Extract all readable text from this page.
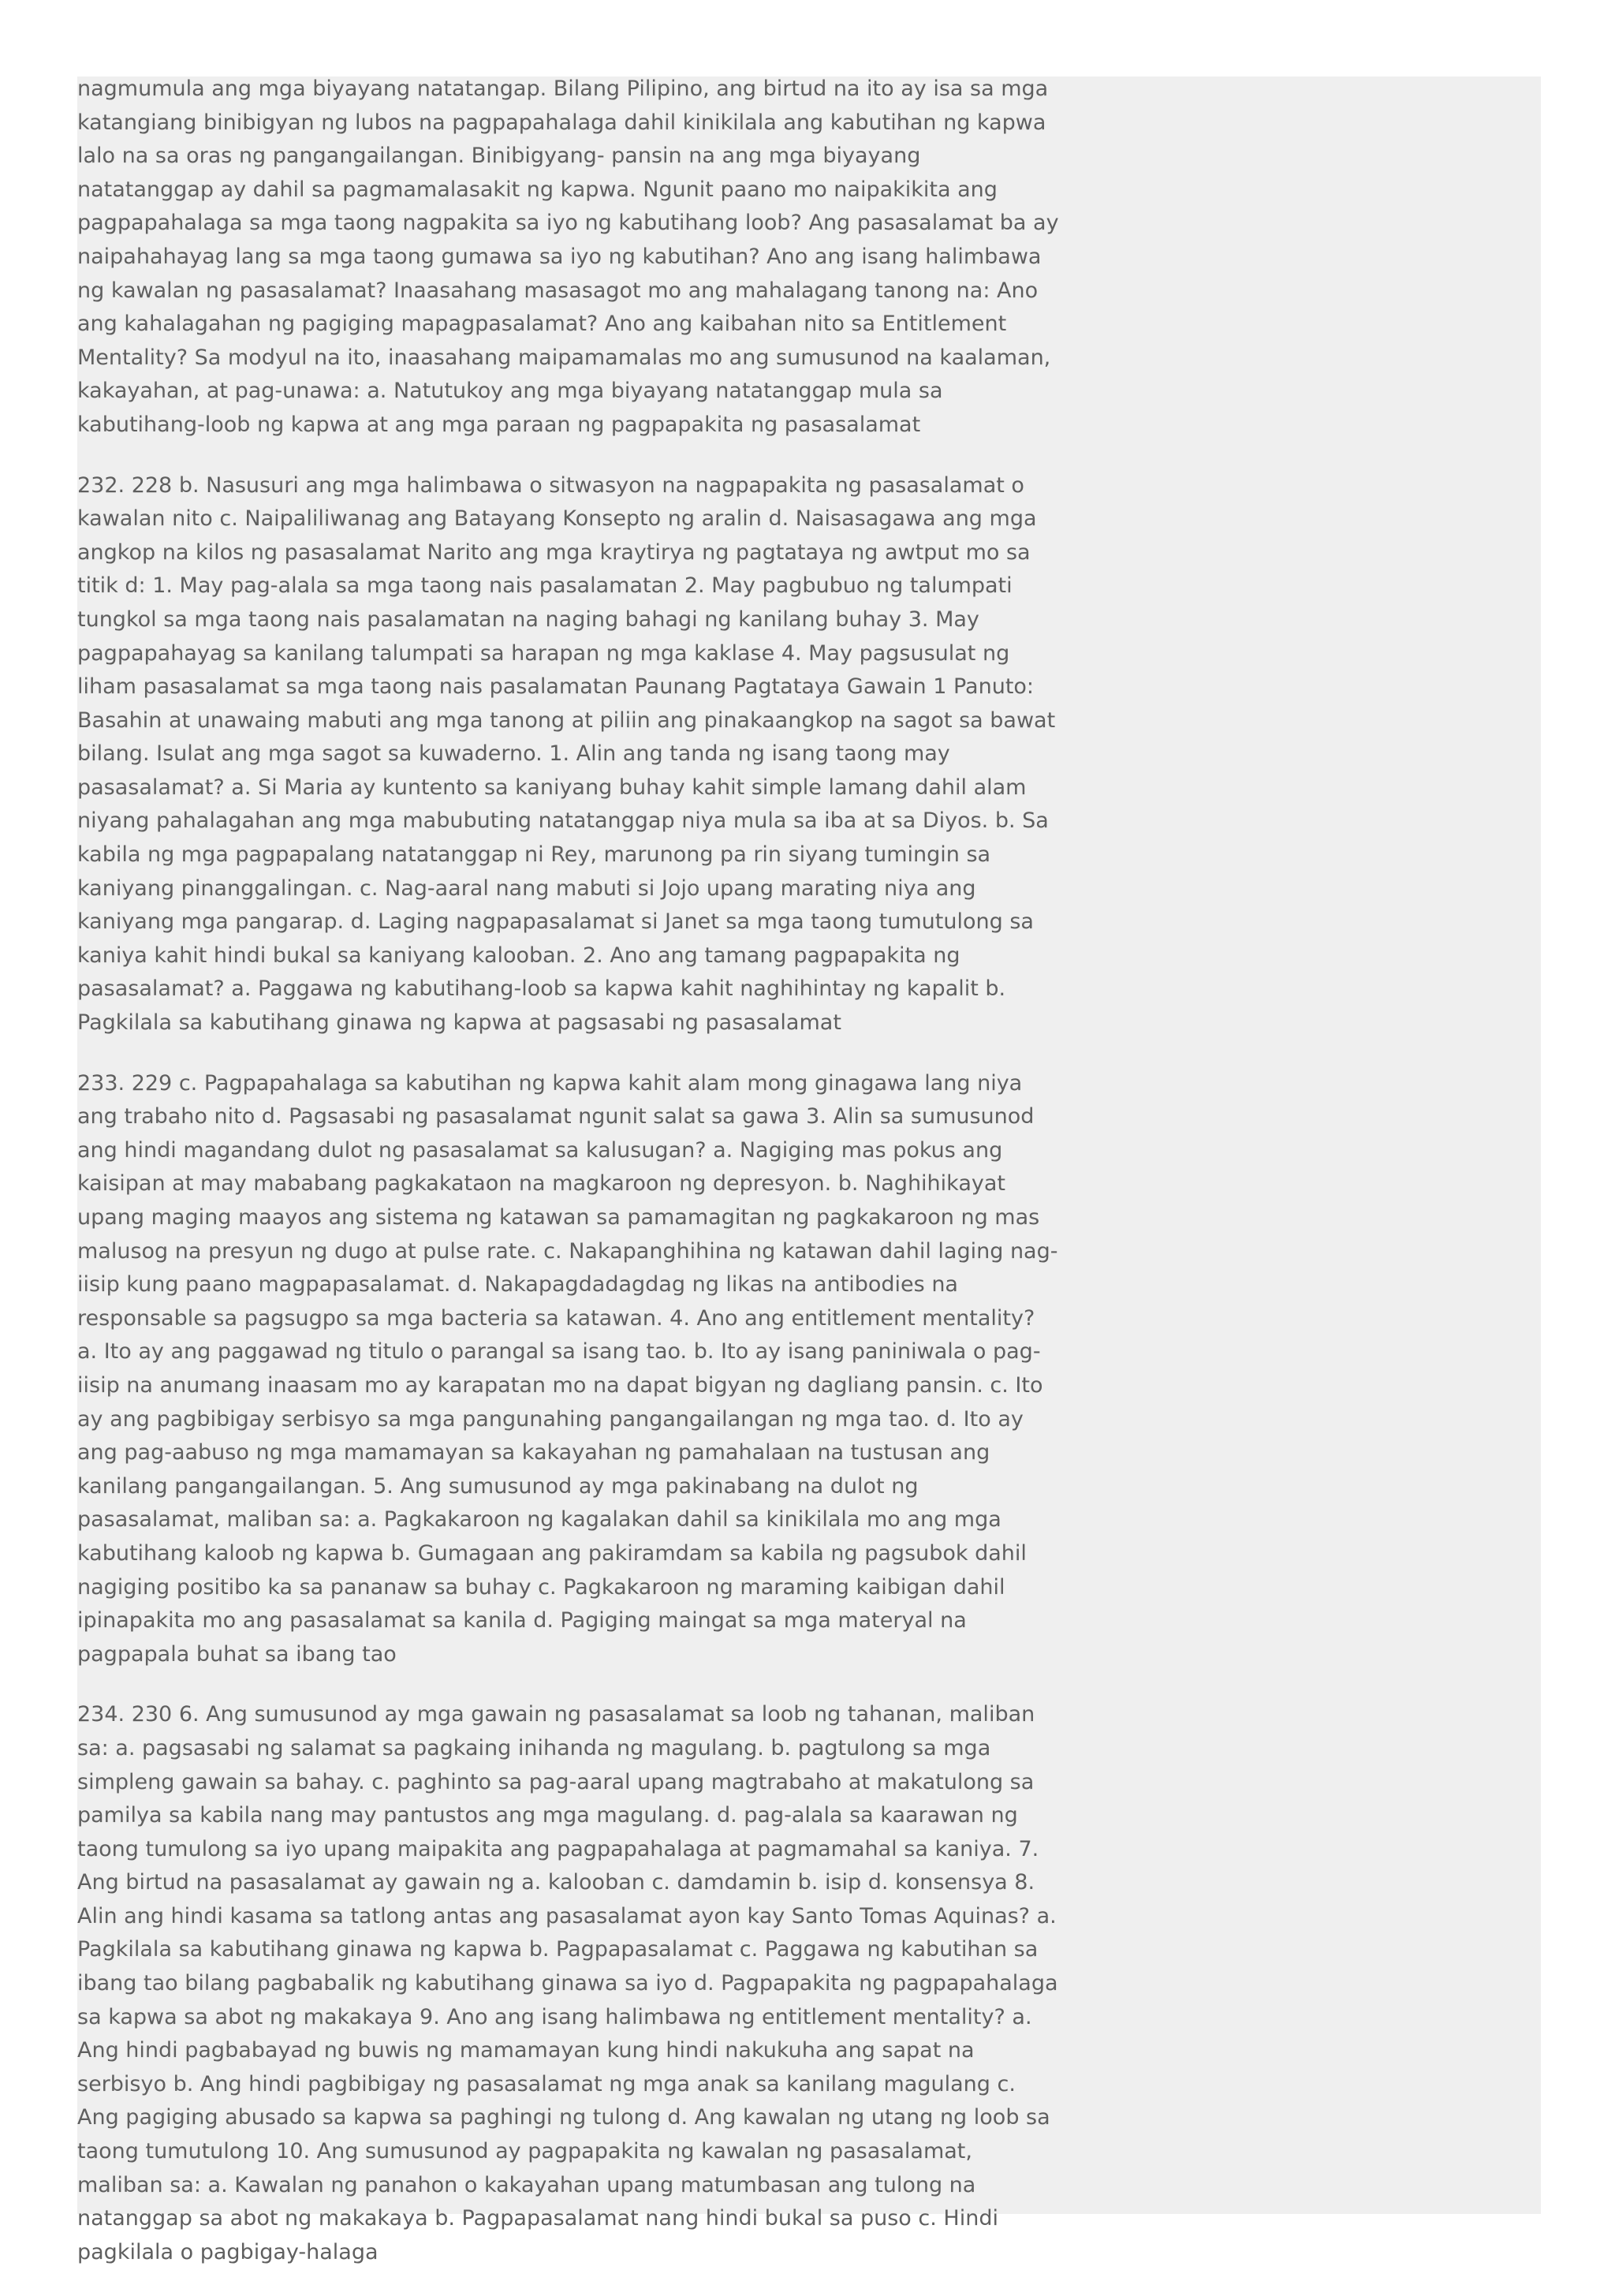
nagmumula ang mga biyayang natatangap. Bilang Pilipino, ang birtud na ito ay isa sa mga katangiang binibigyan ng lubos na pagpapahalaga dahil kinikilala ang kabutihan ng kapwa lalo na sa oras ng pangangailangan. Binibigyang- pansin na ang mga biyayang natatanggap ay dahil sa pagmamalasakit ng kapwa. Ngunit paano mo naipakikita ang pagpapahalaga sa mga taong nagpakita sa iyo ng kabutihang loob? Ang pasasalamat ba ay naipahahayag lang sa mga taong gumawa sa iyo ng kabutihan? Ano ang isang halimbawa ng kawalan ng pasasalamat? Inaasahang masasagot mo ang mahalagang tanong na: Ano ang kahalagahan ng pagiging mapagpasalamat? Ano ang kaibahan nito sa Entitlement Mentality? Sa modyul na ito, inaasahang maipamamalas mo ang sumusunod na kaalaman, kakayahan, at pag-unawa: a. Natutukoy ang mga biyayang natatanggap mula sa kabutihang-loob ng kapwa at ang mga paraan ng pagpapakita ng pasasalamat

232. 228 b. Nasusuri ang mga halimbawa o sitwasyon na nagpapakita ng pasasalamat o kawalan nito c. Naipaliliwanag ang Batayang Konsepto ng aralin d. Naisasagawa ang mga angkop na kilos ng pasasalamat Narito ang mga kraytirya ng pagtataya ng awtput mo sa titik d: 1. May pag-alala sa mga taong nais pasalamatan 2. May pagbubuo ng talumpati tungkol sa mga taong nais pasalamatan na naging bahagi ng kanilang buhay 3. May pagpapahayag sa kanilang talumpati sa harapan ng mga kaklase 4. May pagsusulat ng liham pasasalamat sa mga taong nais pasalamatan Paunang Pagtataya Gawain 1 Panuto: Basahin at unawaing mabuti ang mga tanong at piliin ang pinakaangkop na sagot sa bawat bilang. Isulat ang mga sagot sa kuwaderno. 1. Alin ang tanda ng isang taong may pasasalamat? a. Si Maria ay kuntento sa kaniyang buhay kahit simple lamang dahil alam niyang pahalagahan ang mga mabubuting natatanggap niya mula sa iba at sa Diyos. b. Sa kabila ng mga pagpapalang natatanggap ni Rey, marunong pa rin siyang tumingin sa kaniyang pinanggalingan. c. Nag-aaral nang mabuti si Jojo upang marating niya ang kaniyang mga pangarap. d. Laging nagpapasalamat si Janet sa mga taong tumutulong sa kaniya kahit hindi bukal sa kaniyang kalooban. 2. Ano ang tamang pagpapakita ng pasasalamat? a. Paggawa ng kabutihang-loob sa kapwa kahit naghihintay ng kapalit b. Pagkilala sa kabutihang ginawa ng kapwa at pagsasabi ng pasasalamat

233. 229 c. Pagpapahalaga sa kabutihan ng kapwa kahit alam mong ginagawa lang niya ang trabaho nito d. Pagsasabi ng pasasalamat ngunit salat sa gawa 3. Alin sa sumusunod ang hindi magandang dulot ng pasasalamat sa kalusugan? a. Nagiging mas pokus ang kaisipan at may mababang pagkakataon na magkaroon ng depresyon. b. Naghihikayat upang maging maayos ang sistema ng katawan sa pamamagitan ng pagkakaroon ng mas malusog na presyun ng dugo at pulse rate. c. Nakapanghihina ng katawan dahil laging nag-iisip kung paano magpapasalamat. d. Nakapagdadagdag ng likas na antibodies na responsable sa pagsugpo sa mga bacteria sa katawan. 4. Ano ang entitlement mentality? a. Ito ay ang paggawad ng titulo o parangal sa isang tao. b. Ito ay isang paniniwala o pag-iisip na anumang inaasam mo ay karapatan mo na dapat bigyan ng dagliang pansin. c. Ito ay ang pagbibigay serbisyo sa mga pangunahing pangangailangan ng mga tao. d. Ito ay ang pag-aabuso ng mga mamamayan sa kakayahan ng pamahalaan na tustusan ang kanilang pangangailangan. 5. Ang sumusunod ay mga pakinabang na dulot ng pasasalamat, maliban sa: a. Pagkakaroon ng kagalakan dahil sa kinikilala mo ang mga kabutihang kaloob ng kapwa b. Gumagaan ang pakiramdam sa kabila ng pagsubok dahil nagiging positibo ka sa pananaw sa buhay c. Pagkakaroon ng maraming kaibigan dahil ipinapakita mo ang pasasalamat sa kanila d. Pagiging maingat sa mga materyal na pagpapala buhat sa ibang tao

234. 230 6. Ang sumusunod ay mga gawain ng pasasalamat sa loob ng tahanan, maliban sa: a. pagsasabi ng salamat sa pagkaing inihanda ng magulang. b. pagtulong sa mga simpleng gawain sa bahay. c. paghinto sa pag-aaral upang magtrabaho at makatulong sa pamilya sa kabila nang may pantustos ang mga magulang. d. pag-alala sa kaarawan ng taong tumulong sa iyo upang maipakita ang pagpapahalaga at pagmamahal sa kaniya. 7. Ang birtud na pasasalamat ay gawain ng a. kalooban c. damdamin b. isip d. konsensya 8. Alin ang hindi kasama sa tatlong antas ang pasasalamat ayon kay Santo Tomas Aquinas? a. Pagkilala sa kabutihang ginawa ng kapwa b. Pagpapasalamat c. Paggawa ng kabutihan sa ibang tao bilang pagbabalik ng kabutihang ginawa sa iyo d. Pagpapakita ng pagpapahalaga sa kapwa sa abot ng makakaya 9. Ano ang isang halimbawa ng entitlement mentality? a. Ang hindi pagbabayad ng buwis ng mamamayan kung hindi nakukuha ang sapat na serbisyo b. Ang hindi pagbibigay ng pasasalamat ng mga anak sa kanilang magulang c. Ang pagiging abusado sa kapwa sa paghingi ng tulong d. Ang kawalan ng utang ng loob sa taong tumutulong 10. Ang sumusunod ay pagpapakita ng kawalan ng pasasalamat, maliban sa: a. Kawalan ng panahon o kakayahan upang matumbasan ang tulong na natanggap sa abot ng makakaya b. Pagpapasalamat nang hindi bukal sa puso c. Hindi pagkilala o pagbigay-halaga
